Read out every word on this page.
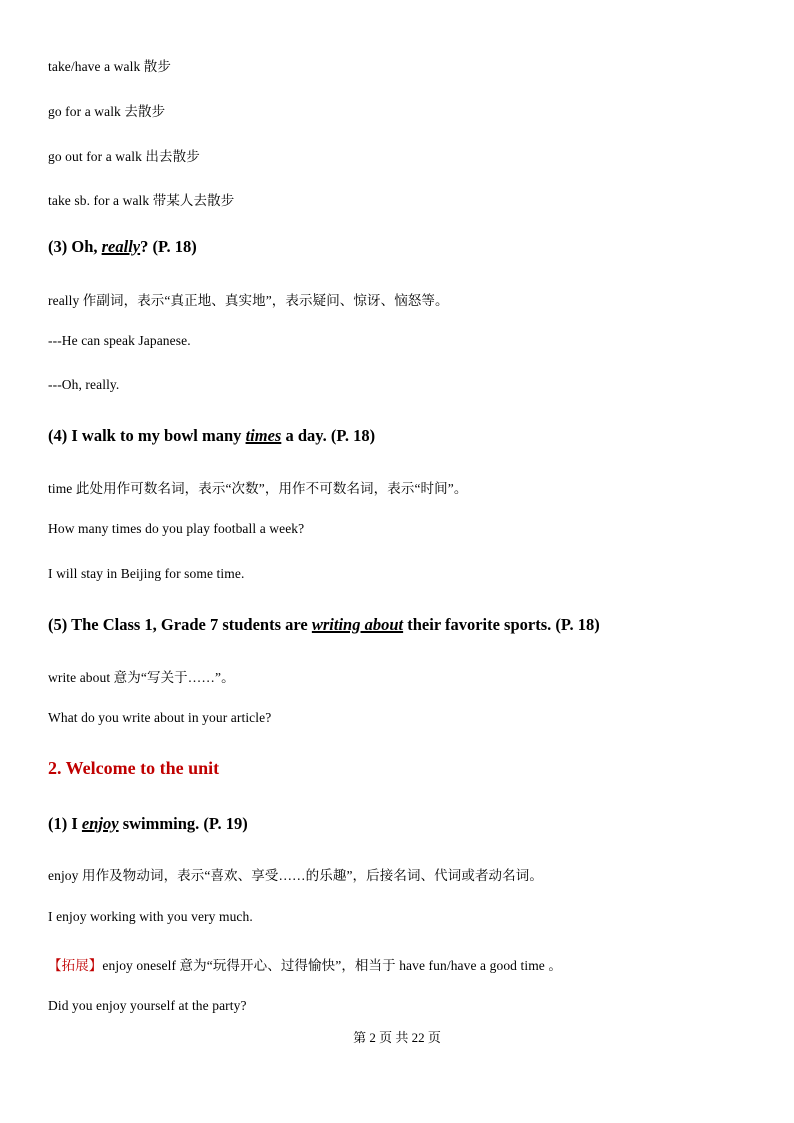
take/have a walk 散步
go for a walk 去散步
go out for a walk 出去散步
take sb. for a walk 带某人去散步
(3) Oh, really? (P. 18)
really 作副词，表示“真正地、真实地”，表示疑问、惊讶、恼怒等。
---He can speak Japanese.
---Oh, really.
(4) I walk to my bowl many times a day. (P. 18)
time 此处用作可数名词，表示“次数”，用作不可数名词，表示“时间”。
How many times do you play football a week?
I will stay in Beijing for some time.
(5) The Class 1, Grade 7 students are writing about their favorite sports. (P. 18)
write about 意为“写关于……”。
What do you write about in your article?
2. Welcome to the unit
(1) I enjoy swimming. (P. 19)
enjoy 用作及物动词，表示“喜欢、享受……的乐趣”，后接名词、代词或者动名词。
I enjoy working with you very much.
【拓展】enjoy oneself 意为“玩得开心、过得愉快”，相当于 have fun/have a good time 。
Did you enjoy yourself at the party?
第 2 页 共 22 页
